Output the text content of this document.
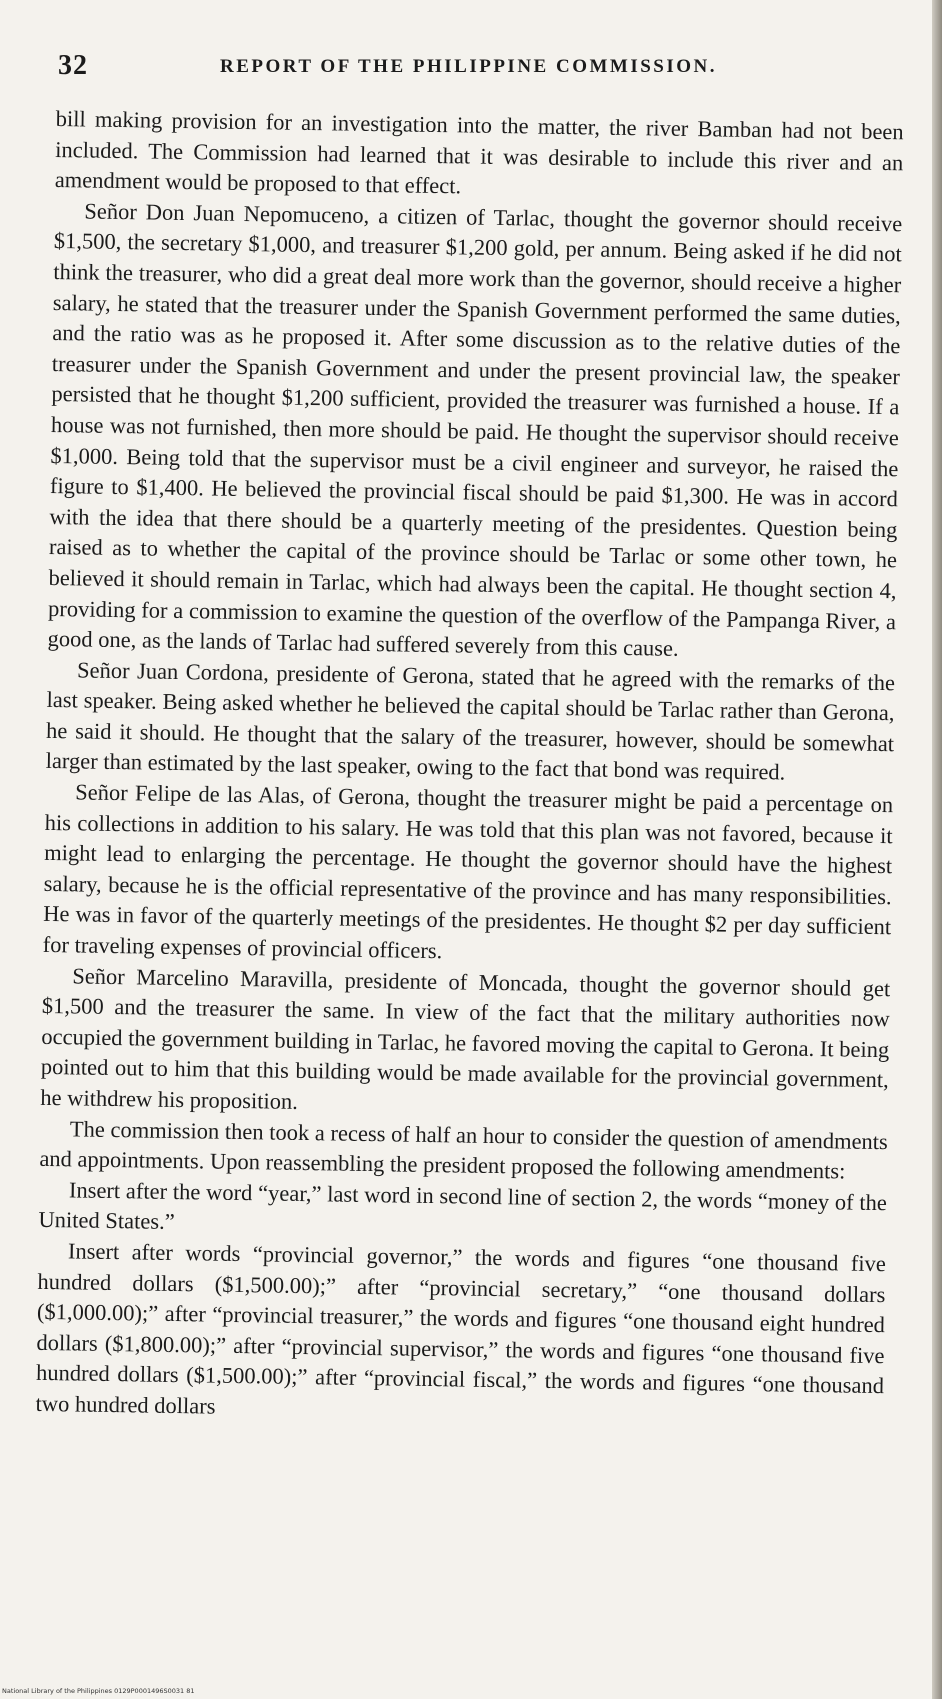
32	REPORT OF THE PHILIPPINE COMMISSION.

bill making provision for an investigation into the matter, the river Bamban had not been included. The Commission had learned that it was desirable to include this river and an amendment would be proposed to that effect.

Señor Don Juan Nepomuceno, a citizen of Tarlac, thought the governor should receive $1,500, the secretary $1,000, and treasurer $1,200 gold, per annum. Being asked if he did not think the treasurer, who did a great deal more work than the governor, should receive a higher salary, he stated that the treasurer under the Spanish Government performed the same duties, and the ratio was as he proposed it. After some discussion as to the relative duties of the treasurer under the Spanish Government and under the present provincial law, the speaker persisted that he thought $1,200 sufficient, provided the treasurer was furnished a house. If a house was not furnished, then more should be paid. He thought the supervisor should receive $1,000. Being told that the supervisor must be a civil engineer and surveyor, he raised the figure to $1,400. He believed the provincial fiscal should be paid $1,300. He was in accord with the idea that there should be a quarterly meeting of the presidentes. Question being raised as to whether the capital of the province should be Tarlac or some other town, he believed it should remain in Tarlac, which had always been the capital. He thought section 4, providing for a commission to examine the question of the overflow of the Pampanga River, a good one, as the lands of Tarlac had suffered severely from this cause.

Señor Juan Cordona, presidente of Gerona, stated that he agreed with the remarks of the last speaker. Being asked whether he believed the capital should be Tarlac rather than Gerona, he said it should. He thought that the salary of the treasurer, however, should be somewhat larger than estimated by the last speaker, owing to the fact that bond was required.

Señor Felipe de las Alas, of Gerona, thought the treasurer might be paid a percentage on his collections in addition to his salary. He was told that this plan was not favored, because it might lead to enlarging the percentage. He thought the governor should have the highest salary, because he is the official representative of the province and has many responsibilities. He was in favor of the quarterly meetings of the presidentes. He thought $2 per day sufficient for traveling expenses of provincial officers.

Señor Marcelino Maravilla, presidente of Moncada, thought the governor should get $1,500 and the treasurer the same. In view of the fact that the military authorities now occupied the government building in Tarlac, he favored moving the capital to Gerona. It being pointed out to him that this building would be made available for the provincial government, he withdrew his proposition.

The commission then took a recess of half an hour to consider the question of amendments and appointments. Upon reassembling the president proposed the following amendments:

Insert after the word “year,” last word in second line of section 2, the words “money of the United States.”

Insert after words “provincial governor,” the words and figures “one thousand five hundred dollars ($1,500.00);” after “provincial secretary,” “one thousand dollars ($1,000.00);” after “provincial treasurer,” the words and figures “one thousand eight hundred dollars ($1,800.00);” after “provincial supervisor,” the words and figures “one thousand five hundred dollars ($1,500.00);” after “provincial fiscal,” the words and figures “one thousand two hundred dollars

National Library of the Philippines 0129P0001496S0031 81
